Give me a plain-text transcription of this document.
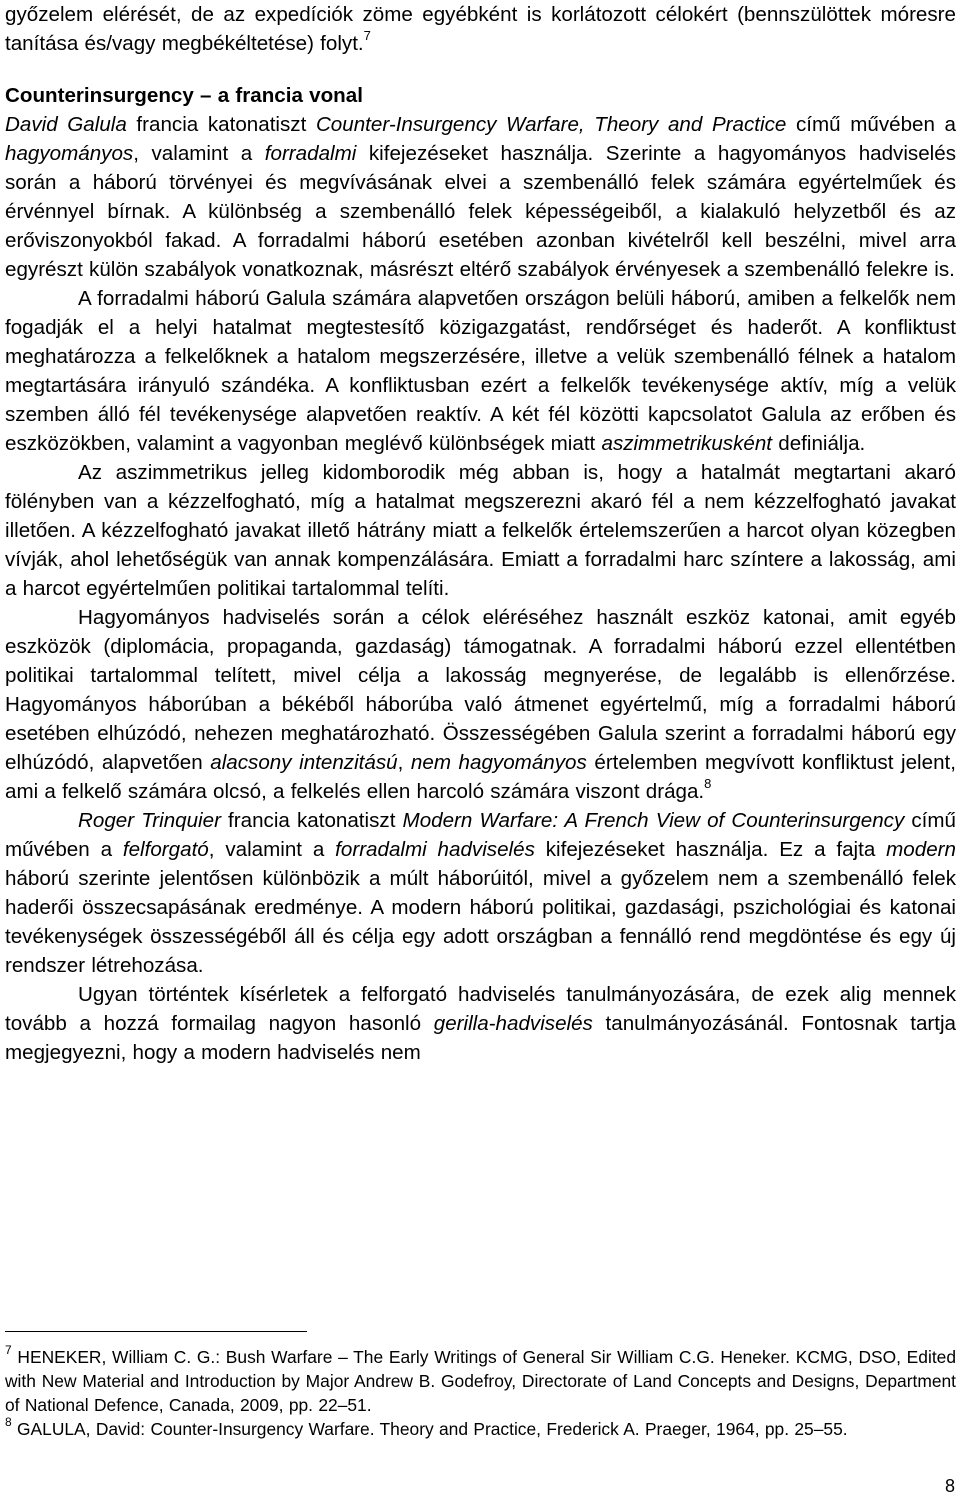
győzelem elérését, de az expedíciók zöme egyébként is korlátozott célokért (bennszülöttek móresre tanítása és/vagy megbékéltetése) folyt.$^7$

Counterinsurgency – a francia vonal

David Galula francia katonatiszt Counter-Insurgency Warfare, Theory and Practice című művében a hagyományos, valamint a forradalmi kifejezéseket használja. Szerinte a hagyományos hadviselés során a háború törvényei és megvívásának elvei a szembenálló felek számára egyértelműek és érvénnyel bírnak. A különbség a szembenálló felek képességeiből, a kialakuló helyzetből és az erőviszonyokból fakad. A forradalmi háború esetében azonban kivételről kell beszélni, mivel arra egyrészt külön szabályok vonatkoznak, másrészt eltérő szabályok érvényesek a szembenálló felekre is.

A forradalmi háború Galula számára alapvetően országon belüli háború, amiben a felkelők nem fogadják el a helyi hatalmat megtestesítő közigazgatást, rendőrséget és haderőt. A konfliktust meghatározza a felkelőknek a hatalom megszerzésére, illetve a velük szembenálló félnek a hatalom megtartására irányuló szándéka. A konfliktusban ezért a felkelők tevékenysége aktív, míg a velük szemben álló fél tevékenysége alapvetően reaktív. A két fél közötti kapcsolatot Galula az erőben és eszközökben, valamint a vagyonban meglévő különbségek miatt aszimmetrikusként definiálja.

Az aszimmetrikus jelleg kidomborodik még abban is, hogy a hatalmát megtartani akaró fölényben van a kézzelfogható, míg a hatalmat megszerezni akaró fél a nem kézzelfogható javakat illetően. A kézzelfogható javakat illető hátrány miatt a felkelők értelemszerűen a harcot olyan közegben vívják, ahol lehetőségük van annak kompenzálására. Emiatt a forradalmi harc színtere a lakosság, ami a harcot egyértelműen politikai tartalommal telíti.

Hagyományos hadviselés során a célok eléréséhez használt eszköz katonai, amit egyéb eszközök (diplomácia, propaganda, gazdaság) támogatnak. A forradalmi háború ezzel ellentétben politikai tartalommal telített, mivel célja a lakosság megnyerése, de legalább is ellenőrzése. Hagyományos háborúban a békéből háborúba való átmenet egyértelmű, míg a forradalmi háború esetében elhúzódó, nehezen meghatározható. Összességében Galula szerint a forradalmi háború egy elhúzódó, alapvetően alacsony intenzitású, nem hagyományos értelemben megvívott konfliktust jelent, ami a felkelő számára olcsó, a felkelés ellen harcoló számára viszont drága.$^8$

Roger Trinquier francia katonatiszt Modern Warfare: A French View of Counterinsurgency című művében a felforgató, valamint a forradalmi hadviselés kifejezéseket használja. Ez a fajta modern háború szerinte jelentősen különbözik a múlt háborúitól, mivel a győzelem nem a szembenálló felek haderői összecsapásának eredménye. A modern háború politikai, gazdasági, pszichológiai és katonai tevékenységek összességéből áll és célja egy adott országban a fennálló rend megdöntése és egy új rendszer létrehozása.

Ugyan történtek kísérletek a felforgató hadviselés tanulmányozására, de ezek alig mennek tovább a hozzá formailag nagyon hasonló gerilla-hadviselés tanulmányozásánál. Fontosnak tartja megjegyezni, hogy a modern hadviselés nem

$^7$ HENEKER, William C. G.: Bush Warfare – The Early Writings of General Sir William C.G. Heneker. KCMG, DSO, Edited with New Material and Introduction by Major Andrew B. Godefroy, Directorate of Land Concepts and Designs, Department of National Defence, Canada, 2009, pp. 22–51.

$^8$ GALULA, David: Counter-Insurgency Warfare. Theory and Practice, Frederick A. Praeger, 1964, pp. 25–55.

8
